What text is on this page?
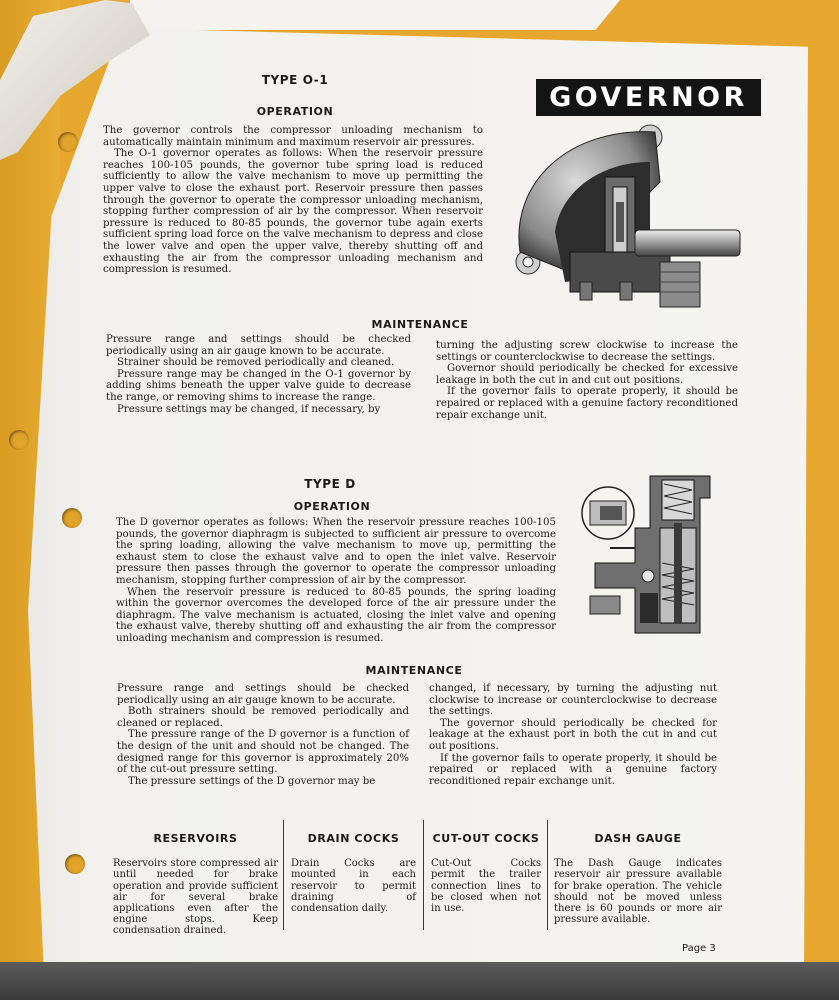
TYPE O-1
OPERATION

The governor controls the compressor unloading mechanism to automatically maintain minimum and maximum reservoir air pressures.

The O-1 governor operates as follows: When the reservoir pressure reaches 100-105 pounds, the governor tube spring load is reduced sufficiently to allow the valve mechanism to move up permitting the upper valve to close the exhaust port. Reservoir pressure then passes through the governor to operate the compressor unloading mechanism, stopping further compression of air by the compressor. When reservoir pressure is reduced to 80-85 pounds, the governor tube again exerts sufficient spring load force on the valve mechanism to depress and close the lower valve and open the upper valve, thereby shutting off and exhausting the air from the compressor unloading mechanism and compression is resumed.

GOVERNOR
MAINTENANCE

Pressure range and settings should be checked periodically using an air gauge known to be accurate.

Strainer should be removed periodically and cleaned.

Pressure range may be changed in the O-1 governor by adding shims beneath the upper valve guide to decrease the range, or removing shims to increase the range.

Pressure settings may be changed, if necessary, by

turning the adjusting screw clockwise to increase the settings or counterclockwise to decrease the settings.

Governor should periodically be checked for excessive leakage in both the cut in and cut out positions.

If the governor fails to operate properly, it should be repaired or replaced with a genuine factory reconditioned repair exchange unit.

TYPE D
OPERATION

The D governor operates as follows: When the reservoir pressure reaches 100-105 pounds, the governor diaphragm is subjected to sufficient air pressure to overcome the spring loading, allowing the valve mechanism to move up, permitting the exhaust stem to close the exhaust valve and to open the inlet valve. Reservoir pressure then passes through the governor to operate the compressor unloading mechanism, stopping further compression of air by the compressor.

When the reservoir pressure is reduced to 80-85 pounds, the spring loading within the governor overcomes the developed force of the air pressure under the diaphragm. The valve mechanism is actuated, closing the inlet valve and opening the exhaust valve, thereby shutting off and exhausting the air from the compressor unloading mechanism and compression is resumed.

MAINTENANCE

Pressure range and settings should be checked periodically using an air gauge known to be accurate.

Both strainers should be removed periodically and cleaned or replaced.

The pressure range of the D governor is a function of the design of the unit and should not be changed. The designed range for this governor is approximately 20% of the cut-out pressure setting.

The pressure settings of the D governor may be

changed, if necessary, by turning the adjusting nut clockwise to increase or counterclockwise to decrease the settings.

The governor should periodically be checked for leakage at the exhaust port in both the cut in and cut out positions.

If the governor fails to operate properly, it should be repaired or replaced with a genuine factory reconditioned repair exchange unit.

RESERVOIRS
Reservoirs store compressed air until needed for brake operation and provide sufficient air for several brake applications even after the engine stops. Keep condensation drained.
DRAIN COCKS
Drain Cocks are mounted in each reservoir to permit draining of condensation daily.
CUT-OUT COCKS
Cut-Out Cocks permit the trailer connection lines to be closed when not in use.
DASH GAUGE
The Dash Gauge indicates reservoir air pressure available for brake operation. The vehicle should not be moved unless there is 60 pounds or more air pressure available.
Page 3
